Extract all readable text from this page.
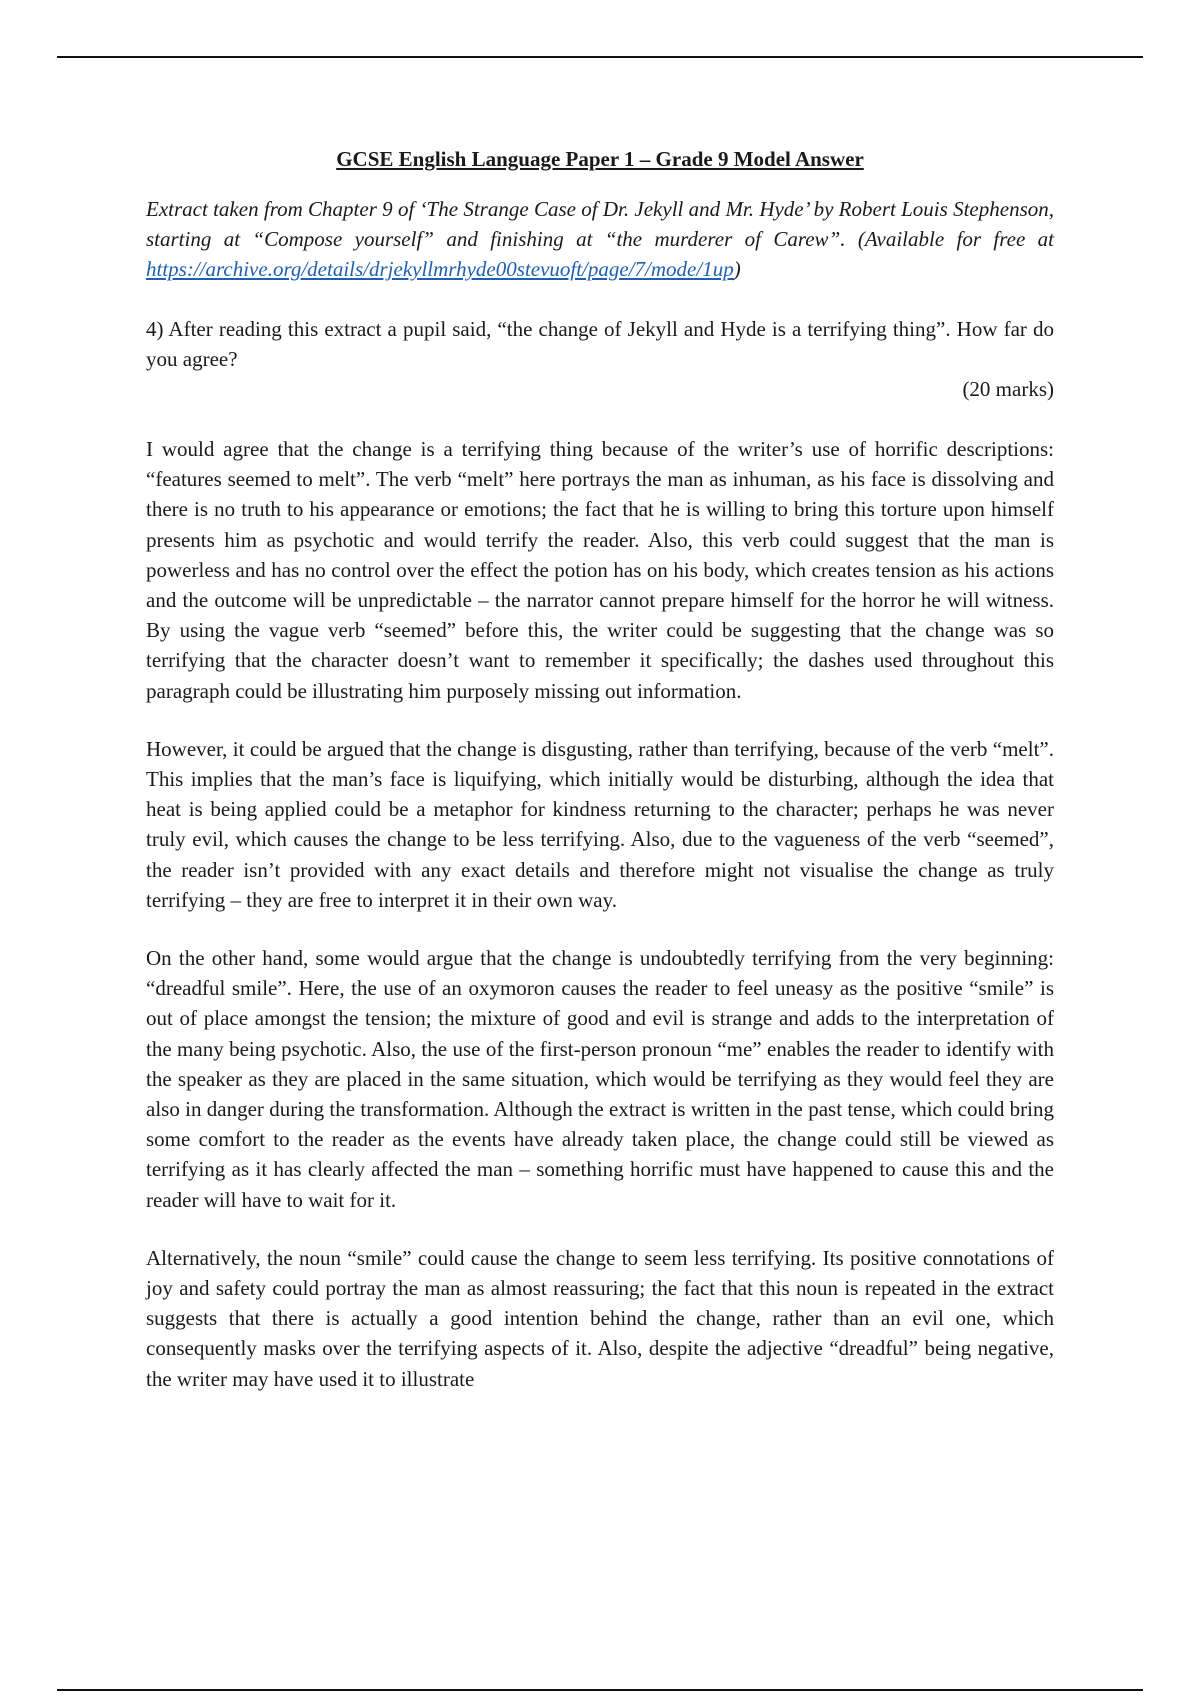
GCSE English Language Paper 1 – Grade 9 Model Answer

Extract taken from Chapter 9 of ‘The Strange Case of Dr. Jekyll and Mr. Hyde’ by Robert Louis Stephenson, starting at “Compose yourself” and finishing at “the murderer of Carew”. (Available for free at https://archive.org/details/drjekyllmrhyde00stevuoft/page/7/mode/1up)

4) After reading this extract a pupil said, “the change of Jekyll and Hyde is a terrifying thing”. How far do you agree?

(20 marks)

I would agree that the change is a terrifying thing because of the writer’s use of horrific descriptions: “features seemed to melt”. The verb “melt” here portrays the man as inhuman, as his face is dissolving and there is no truth to his appearance or emotions; the fact that he is willing to bring this torture upon himself presents him as psychotic and would terrify the reader. Also, this verb could suggest that the man is powerless and has no control over the effect the potion has on his body, which creates tension as his actions and the outcome will be unpredictable – the narrator cannot prepare himself for the horror he will witness. By using the vague verb “seemed” before this, the writer could be suggesting that the change was so terrifying that the character doesn’t want to remember it specifically; the dashes used throughout this paragraph could be illustrating him purposely missing out information.

However, it could be argued that the change is disgusting, rather than terrifying, because of the verb “melt”. This implies that the man’s face is liquifying, which initially would be disturbing, although the idea that heat is being applied could be a metaphor for kindness returning to the character; perhaps he was never truly evil, which causes the change to be less terrifying. Also, due to the vagueness of the verb “seemed”, the reader isn’t provided with any exact details and therefore might not visualise the change as truly terrifying – they are free to interpret it in their own way.

On the other hand, some would argue that the change is undoubtedly terrifying from the very beginning: “dreadful smile”. Here, the use of an oxymoron causes the reader to feel uneasy as the positive “smile” is out of place amongst the tension; the mixture of good and evil is strange and adds to the interpretation of the many being psychotic. Also, the use of the first-person pronoun “me” enables the reader to identify with the speaker as they are placed in the same situation, which would be terrifying as they would feel they are also in danger during the transformation. Although the extract is written in the past tense, which could bring some comfort to the reader as the events have already taken place, the change could still be viewed as terrifying as it has clearly affected the man – something horrific must have happened to cause this and the reader will have to wait for it.

Alternatively, the noun “smile” could cause the change to seem less terrifying. Its positive connotations of joy and safety could portray the man as almost reassuring; the fact that this noun is repeated in the extract suggests that there is actually a good intention behind the change, rather than an evil one, which consequently masks over the terrifying aspects of it. Also, despite the adjective “dreadful” being negative, the writer may have used it to illustrate
